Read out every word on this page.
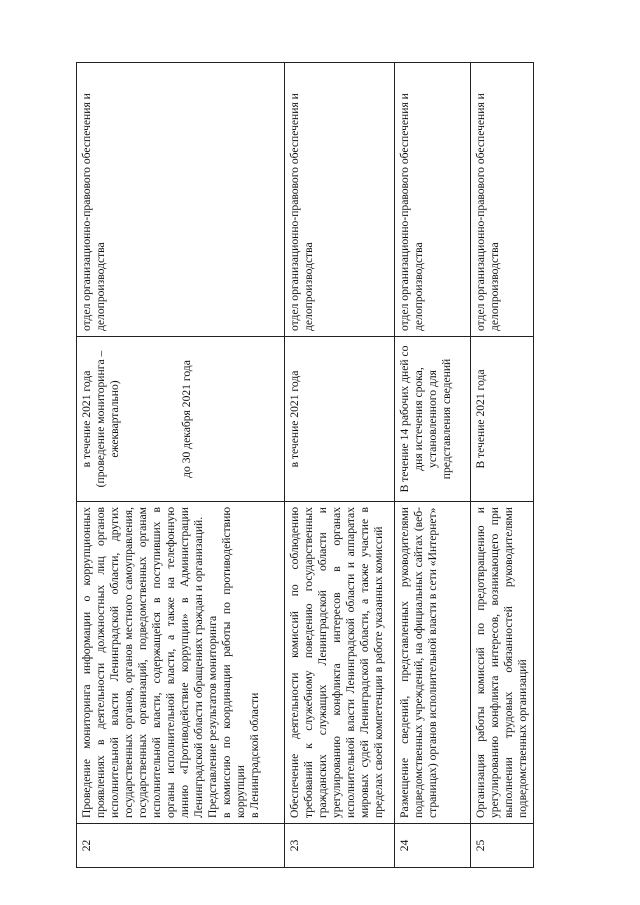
22	Проведение мониторинга информации о коррупционных проявлениях в деятельности должностных лиц органов исполнительной власти Ленинградской области, других государственных органов, органов местного самоуправления, государственных организаций, подведомственных органам исполнительной власти, содержащейся в поступивших в органы исполнительной власти, а также на телефонную линию «Противодействие коррупции» в Администрации Ленинградской области обращениях граждан и организаций. Представление результатов мониторинга в комиссию по координации работы по противодействию коррупции в Ленинградской области	в течение 2021 года (проведение мониторинга – ежеквартально) до 30 декабря 2021 года	отдел организационно-правового обеспечения и делопроизводства
23	Обеспечение деятельности комиссий по соблюдению требований к служебному поведению государственных гражданских служащих Ленинградской области и урегулированию конфликта интересов в органах исполнительной власти Ленинградской области и аппаратах мировых судей Ленинградской области, а также участие в пределах своей компетенции в работе указанных комиссий	в течение 2021 года	отдел организационно-правового обеспечения и делопроизводства
24	Размещение сведений, представленных руководителями подведомственных учреждений, на официальных сайтах (веб-страницах) органов исполнительной власти в сети «Интернет»	В течение 14 рабочих дней со дня истечения срока, установленного для представления сведений	отдел организационно-правового обеспечения и делопроизводства
25	Организация работы комиссий по предотвращению и урегулированию конфликта интересов, возникающего при выполнении трудовых обязанностей руководителями подведомственных организаций	В течение 2021 года	отдел организационно-правового обеспечения и делопроизводства
